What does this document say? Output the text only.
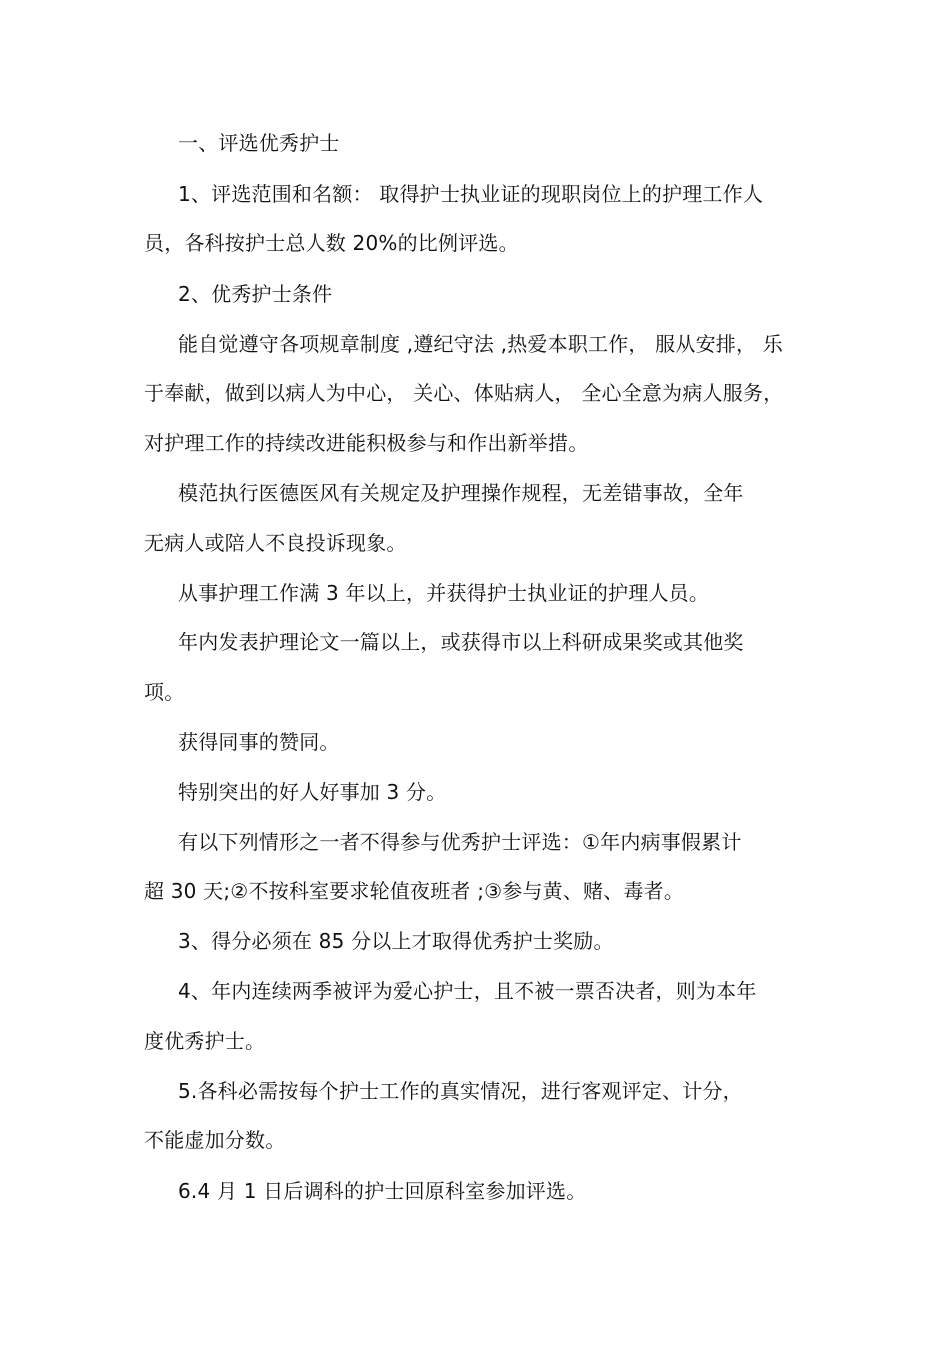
一、评选优秀护士
1、评选范围和名额： 取得护士执业证的现职岗位上的护理工作人
员，各科按护士总人数 20%的比例评选。
2、优秀护士条件
能自觉遵守各项规章制度 ,遵纪守法 ,热爱本职工作， 服从安排， 乐
于奉献，做到以病人为中心， 关心、体贴病人， 全心全意为病人服务，
对护理工作的持续改进能积极参与和作出新举措。
模范执行医德医风有关规定及护理操作规程，无差错事故，全年
无病人或陪人不良投诉现象。
从事护理工作满 3 年以上，并获得护士执业证的护理人员。
年内发表护理论文一篇以上，或获得市以上科研成果奖或其他奖
项。
获得同事的赞同。
特别突出的好人好事加 3 分。
有以下列情形之一者不得参与优秀护士评选：①年内病事假累计
超 30 天;②不按科室要求轮值夜班者 ;③参与黄、赌、毒者。
3、得分必须在 85 分以上才取得优秀护士奖励。
4、年内连续两季被评为爱心护士，且不被一票否决者，则为本年
度优秀护士。
5.各科必需按每个护士工作的真实情况，进行客观评定、计分，
不能虚加分数。
6.4 月 1 日后调科的护士回原科室参加评选。
